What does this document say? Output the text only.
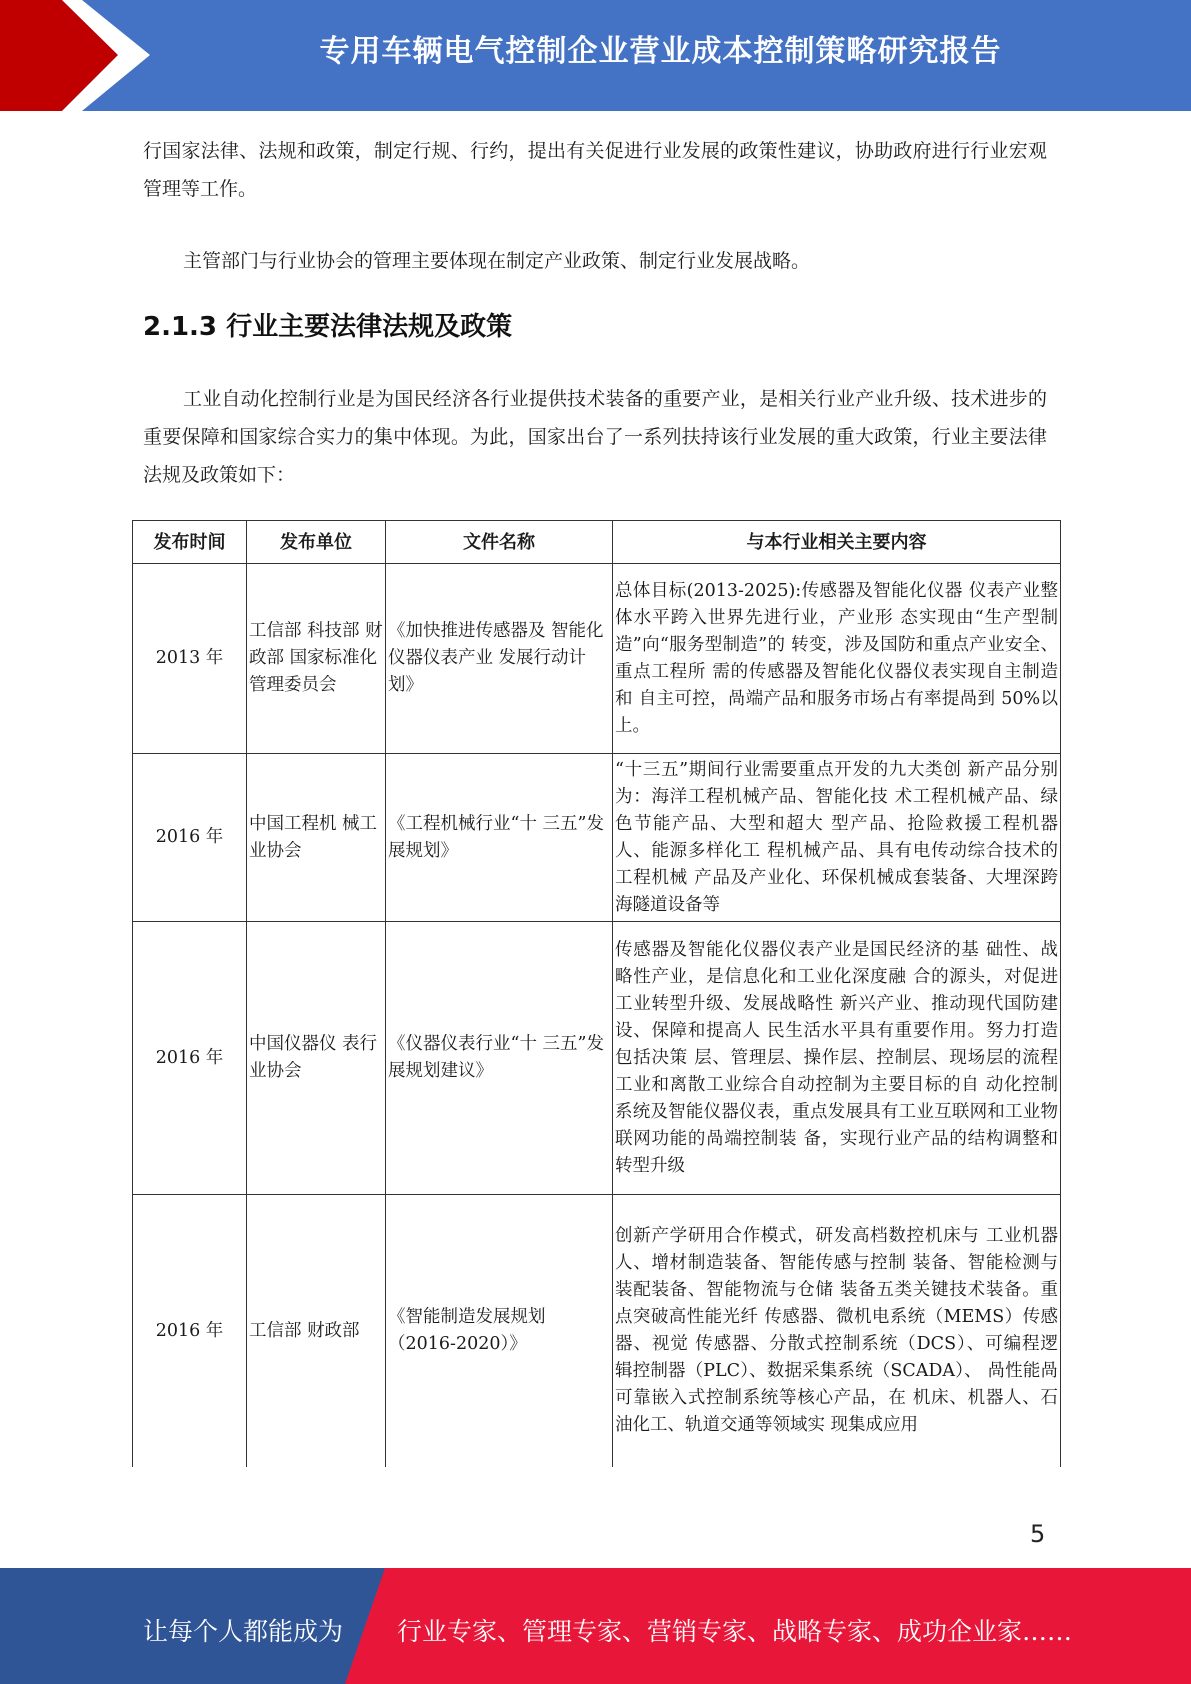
专用车辆电气控制企业营业成本控制策略研究报告

行国家法律、法规和政策，制定行规、行约，提出有关促进行业发展的政策性建议，协助政府进行行业宏观管理等工作。

主管部门与行业协会的管理主要体现在制定产业政策、制定行业发展战略。

2.1.3 行业主要法律法规及政策

工业自动化控制行业是为国民经济各行业提供技术装备的重要产业，是相关行业产业升级、技术进步的重要保障和国家综合实力的集中体现。为此，国家出台了一系列扶持该行业发展的重大政策，行业主要法律法规及政策如下：

发布时间	发布单位	文件名称	与本行业相关主要内容
2013 年	工信部 科技部 财政部 国家标准化 管理委员会	《加快推进传感器及 智能化仪器仪表产业 发展行动计划》	总体目标(2013-2025):传感器及智能化仪器 仪表产业整体水平跨入世界先进行业，产业形 态实现由“生产型制造”向“服务型制造”的 转变，涉及国防和重点产业安全、重点工程所 需的传感器及智能化仪器仪表实现自主制造和 自主可控，咼端产品和服务市场占有率提咼到 50%以上。
2016 年	中国工程机 械工业协会	《工程机械行业“十 三五”发展规划》	“十三五”期间行业需要重点开发的九大类创 新产品分别为：海洋工程机械产品、智能化技 术工程机械产品、绿色节能产品、大型和超大 型产品、抢险救援工程机器人、能源多样化工 程机械产品、具有电传动综合技术的工程机械 产品及产业化、环保机械成套装备、大埋深跨海隧道设备等
2016 年	中国仪器仪 表行业协会	《仪器仪表行业“十 三五”发展规划建议》	传感器及智能化仪器仪表产业是国民经济的基 础性、战略性产业，是信息化和工业化深度融 合的源头，对促进工业转型升级、发展战略性 新兴产业、推动现代国防建设、保障和提高人 民生活水平具有重要作用。努力打造包括决策 层、管理层、操作层、控制层、现场层的流程 工业和离散工业综合自动控制为主要目标的自 动化控制系统及智能仪器仪表，重点发展具有工业互联网和工业物联网功能的咼端控制装 备，实现行业产品的结构调整和转型升级
2016 年	工信部 财政部	《智能制造发展规划（2016-2020）》	创新产学研用合作模式，研发高档数控机床与 工业机器人、增材制造装备、智能传感与控制 装备、智能检测与装配装备、智能物流与仓储 装备五类关键技术装备。重点突破高性能光纤 传感器、微机电系统（MEMS）传感器、视觉 传感器、分散式控制系统（DCS）、可编程逻 辑控制器（PLC）、数据采集系统（SCADA）、 咼性能咼可靠嵌入式控制系统等核心产品，在 机床、机器人、石油化工、轨道交通等领域实 现集成应用
5
让每个人都能成为 行业专家、管理专家、营销专家、战略专家、成功企业家……
